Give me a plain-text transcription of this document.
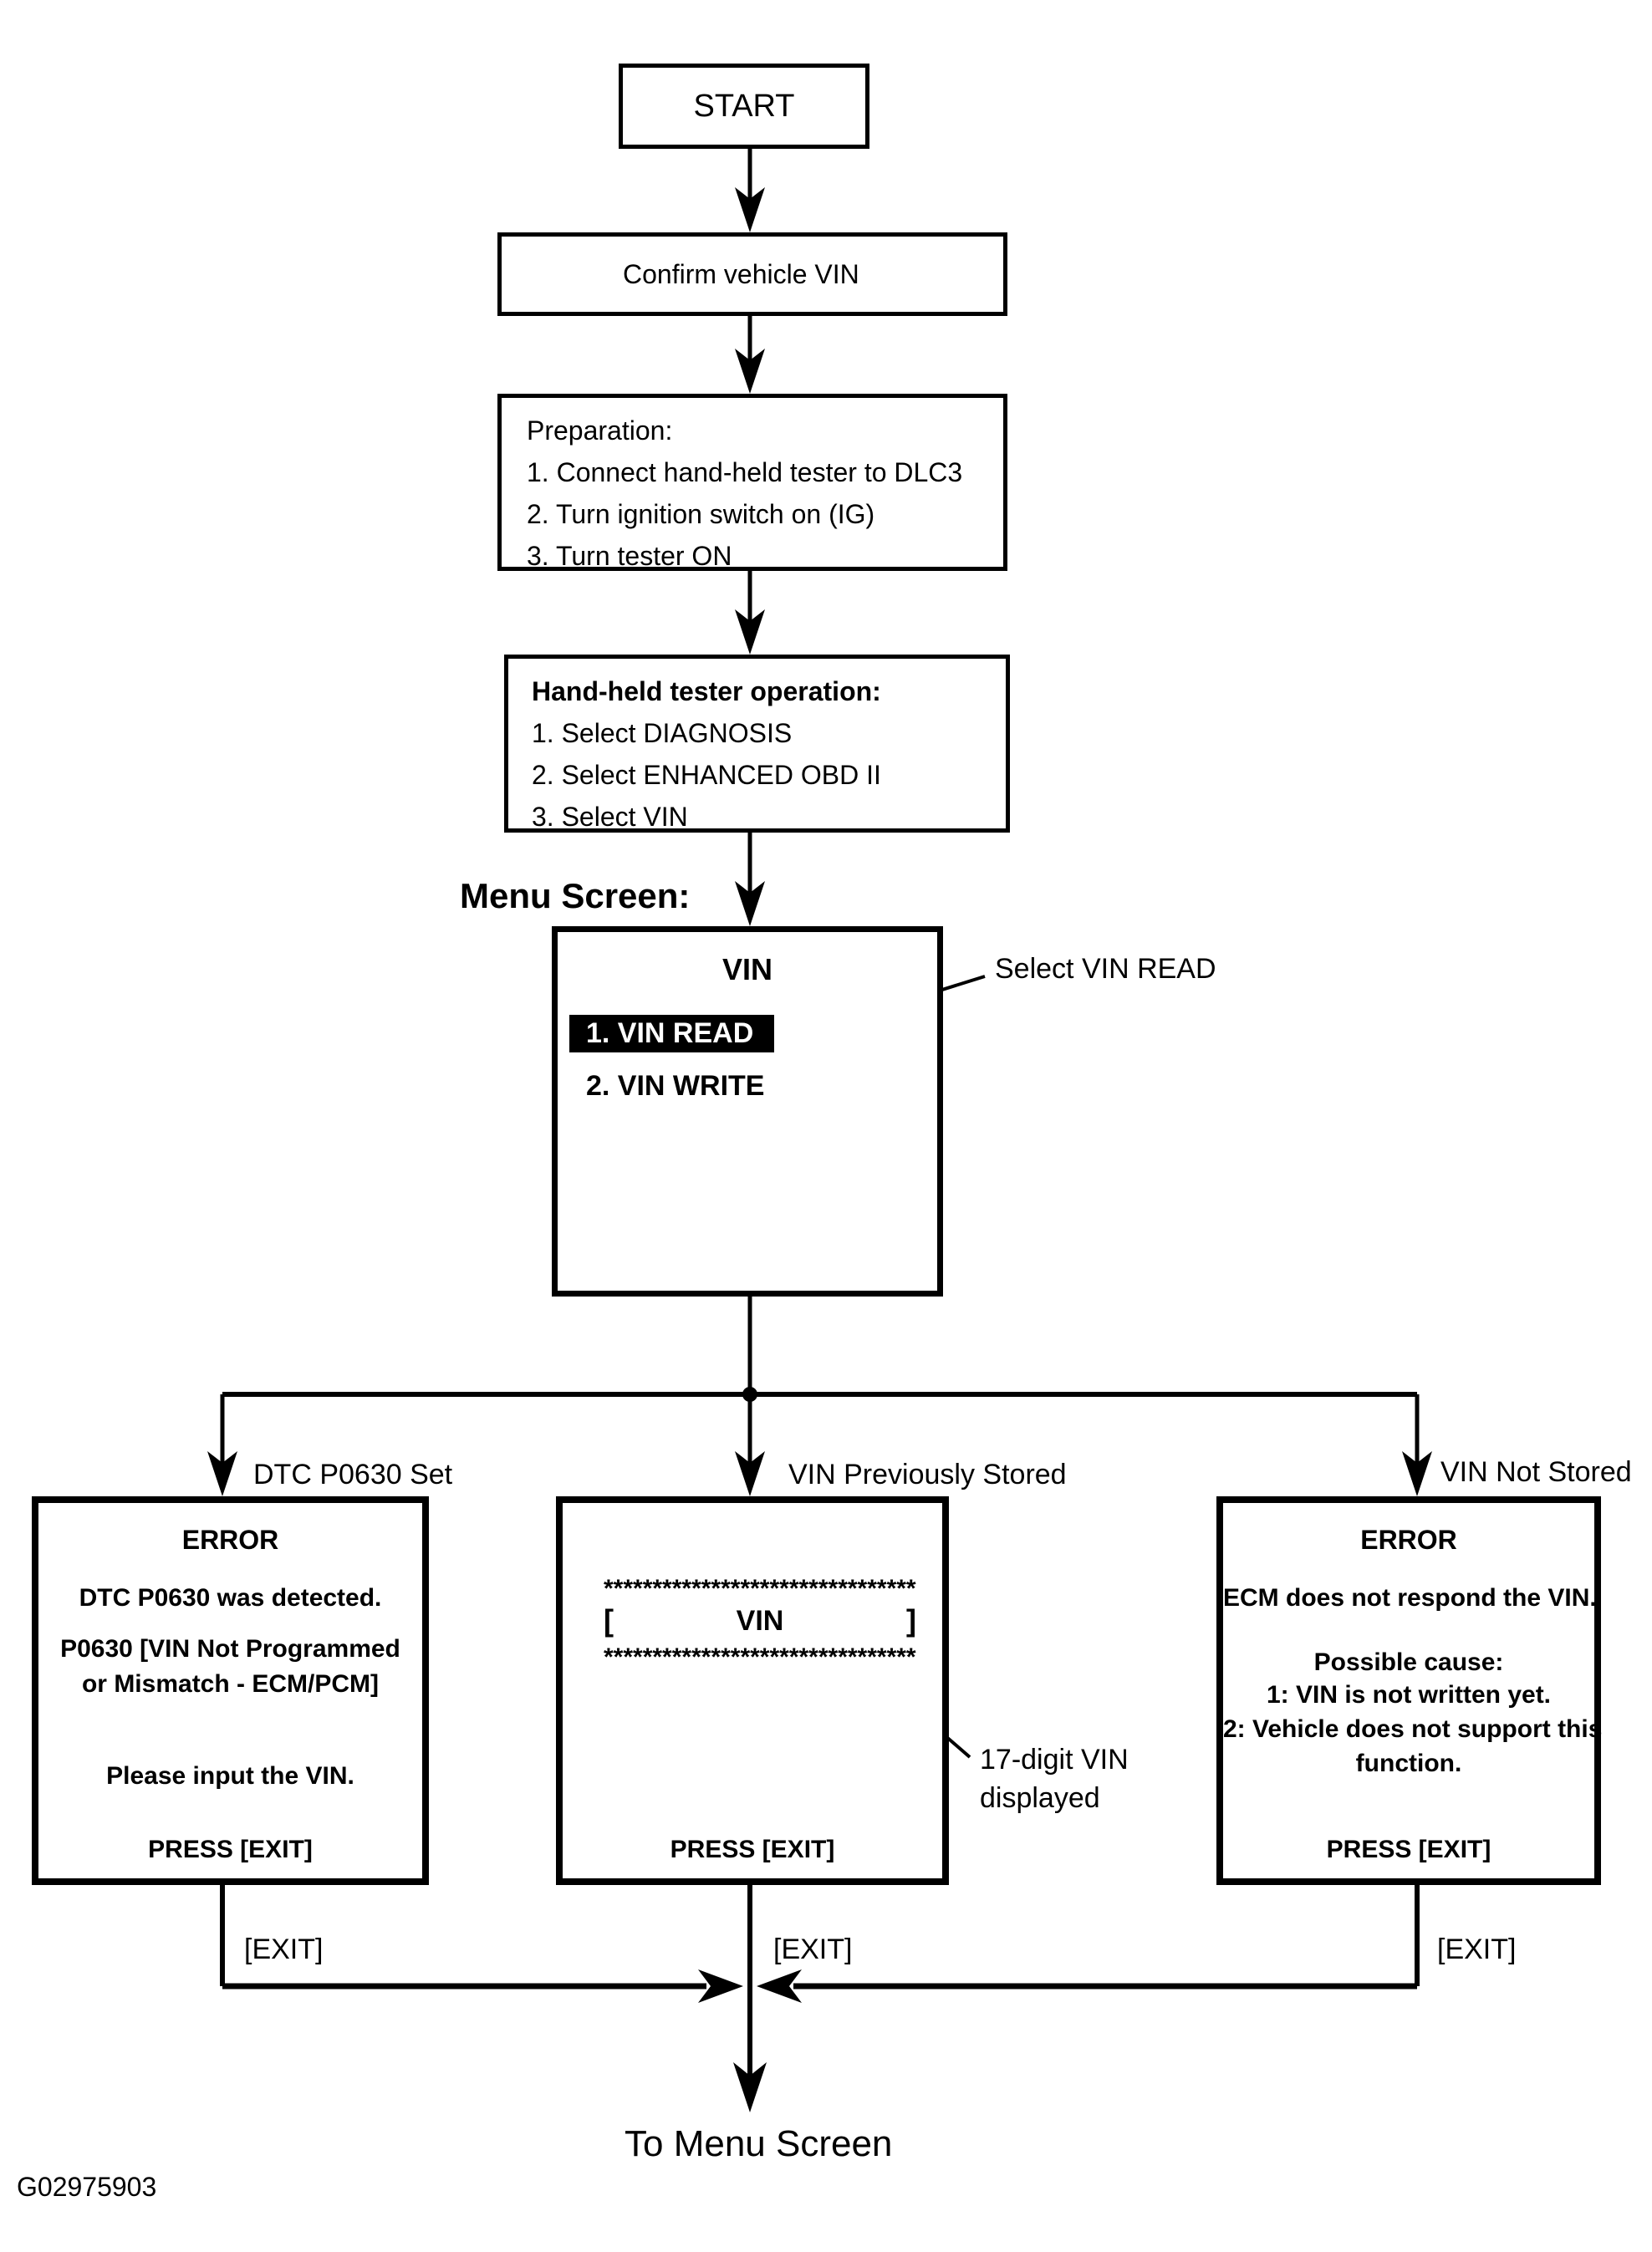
START
Confirm vehicle VIN
Preparation:
1. Connect hand-held tester to DLC3
2. Turn ignition switch on (IG)
3. Turn tester ON
Hand-held tester operation:
1. Select DIAGNOSIS
2. Select ENHANCED OBD II
3. Select VIN
Menu Screen:
VIN
1. VIN READ
2. VIN WRITE
Select VIN READ
DTC P0630 Set	VIN Previously Stored	VIN Not Stored
ERROR
DTC P0630 was detected.
P0630 [VIN Not Programmed
or Mismatch - ECM/PCM]
Please input the VIN.
PRESS [EXIT]
********************************
[	VIN	]
********************************
PRESS [EXIT]
17-digit VIN
displayed
ERROR
ECM does not respond the VIN.
Possible cause:
1: VIN is not written yet.
2: Vehicle does not support this
function.
PRESS [EXIT]
[EXIT]	[EXIT]	[EXIT]
To Menu Screen
G02975903
